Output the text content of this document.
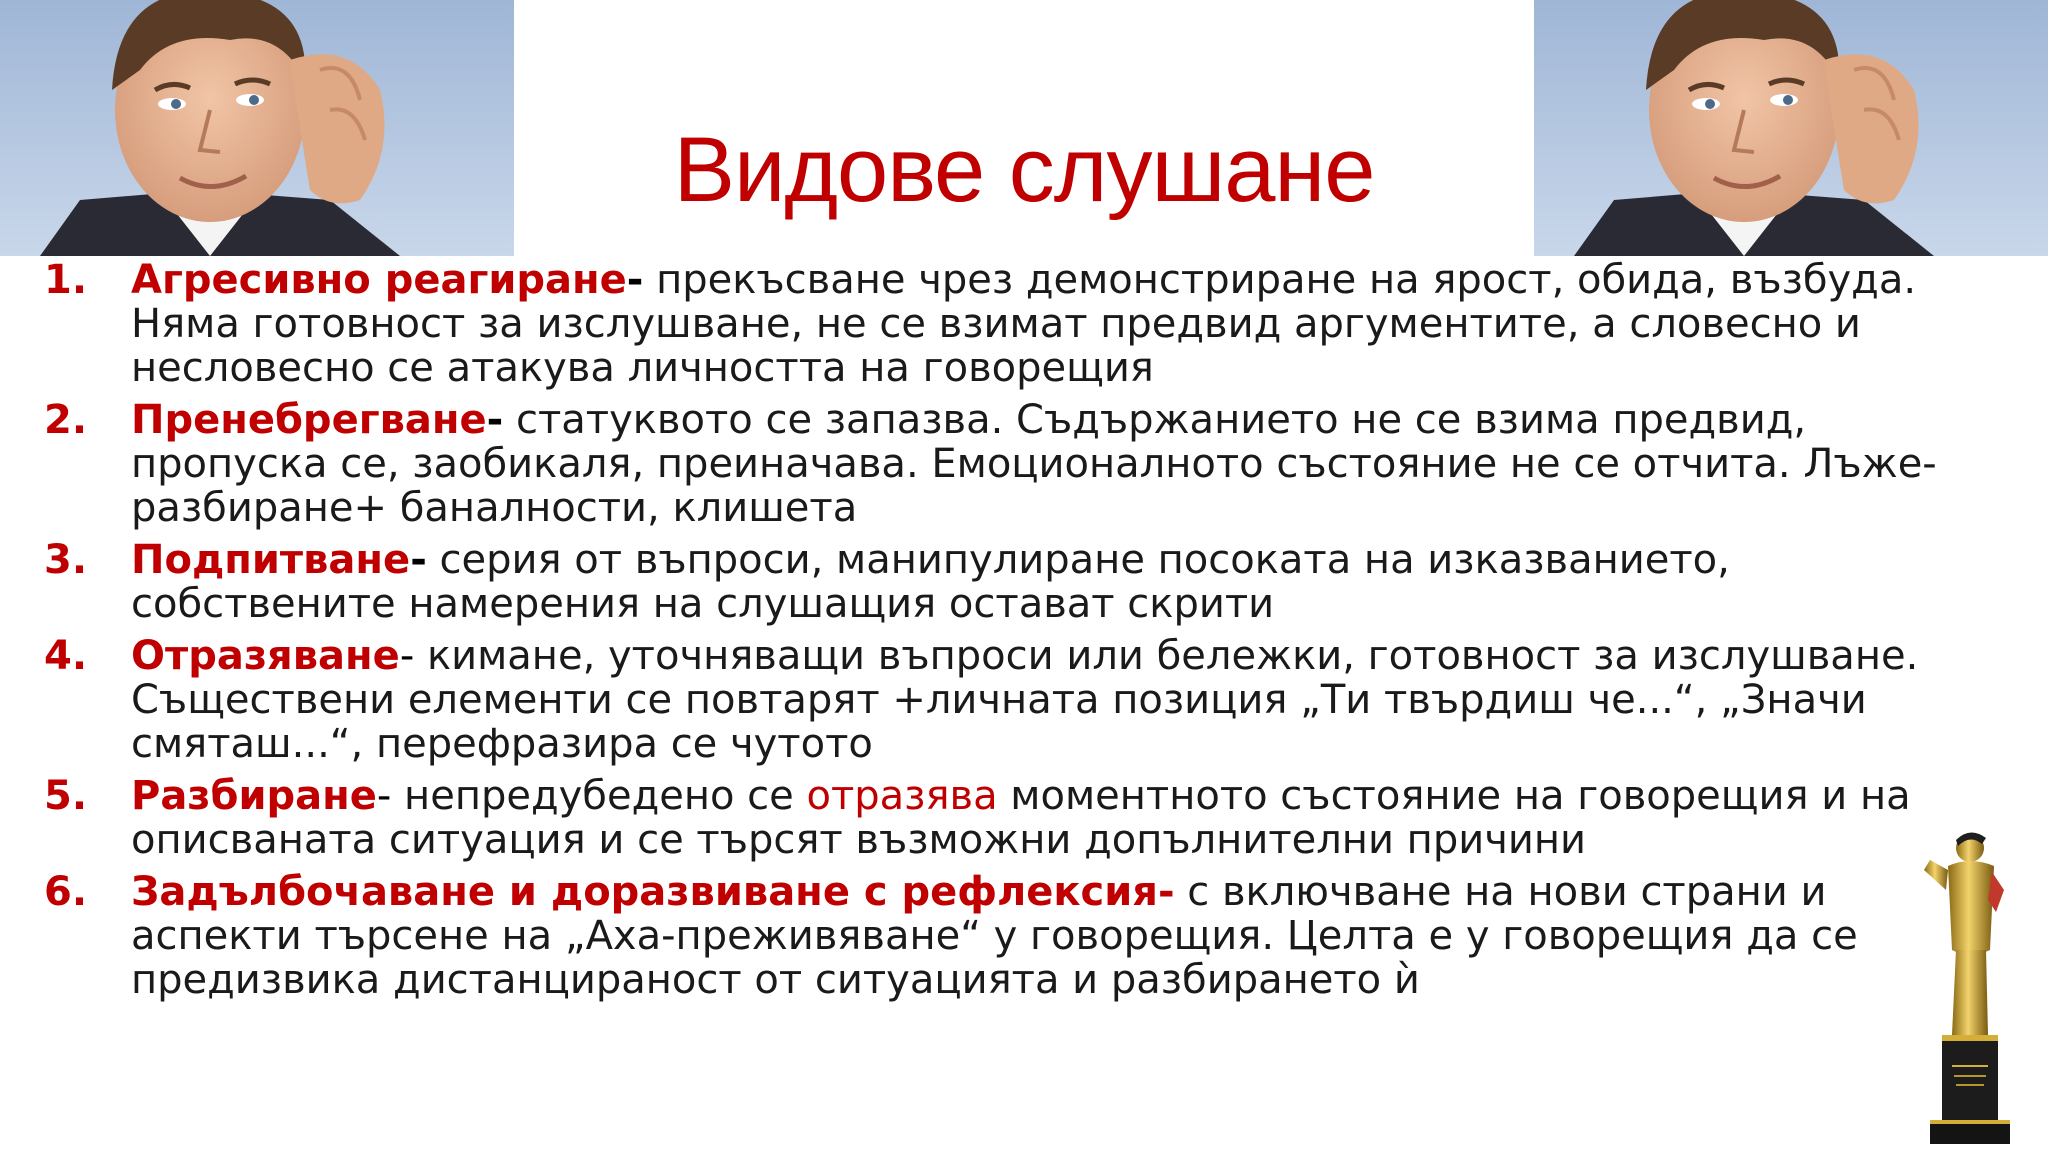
Видове слушане
1. Агресивно реагиране- прекъсване чрез демонстриране на ярост, обида, възбуда. Няма готовност за изслушване, не се взимат предвид аргументите, а словесно и несловесно се атакува личността на говорещия
2. Пренебрегване- статуквото се запазва. Съдържанието не се взима предвид, пропуска се, заобикаля, преиначава. Емоционалното състояние не се отчита. Лъже-разбиране+ баналности, клишета
3. Подпитване- серия от въпроси, манипулиране посоката на изказванието, собствените намерения на слушащия остават скрити
4. Отразяване- кимане, уточняващи въпроси или бележки, готовност за изслушване. Съществени елементи се повтарят +личната позиция „Ти твърдиш че...“, „Значи смяташ...“, перефразира се чутото
5. Разбиране- непредубедено се отразява моментното състояние на говорещия и на описваната ситуация и се търсят възможни допълнителни причини
6. Задълбочаване и доразвиване с рефлексия- с включване на нови страни и аспекти търсене на „Аха-преживяване“ у говорещия. Целта е у говорещия да се предизвика дистанцираност от ситуацията и разбирането ѝ
